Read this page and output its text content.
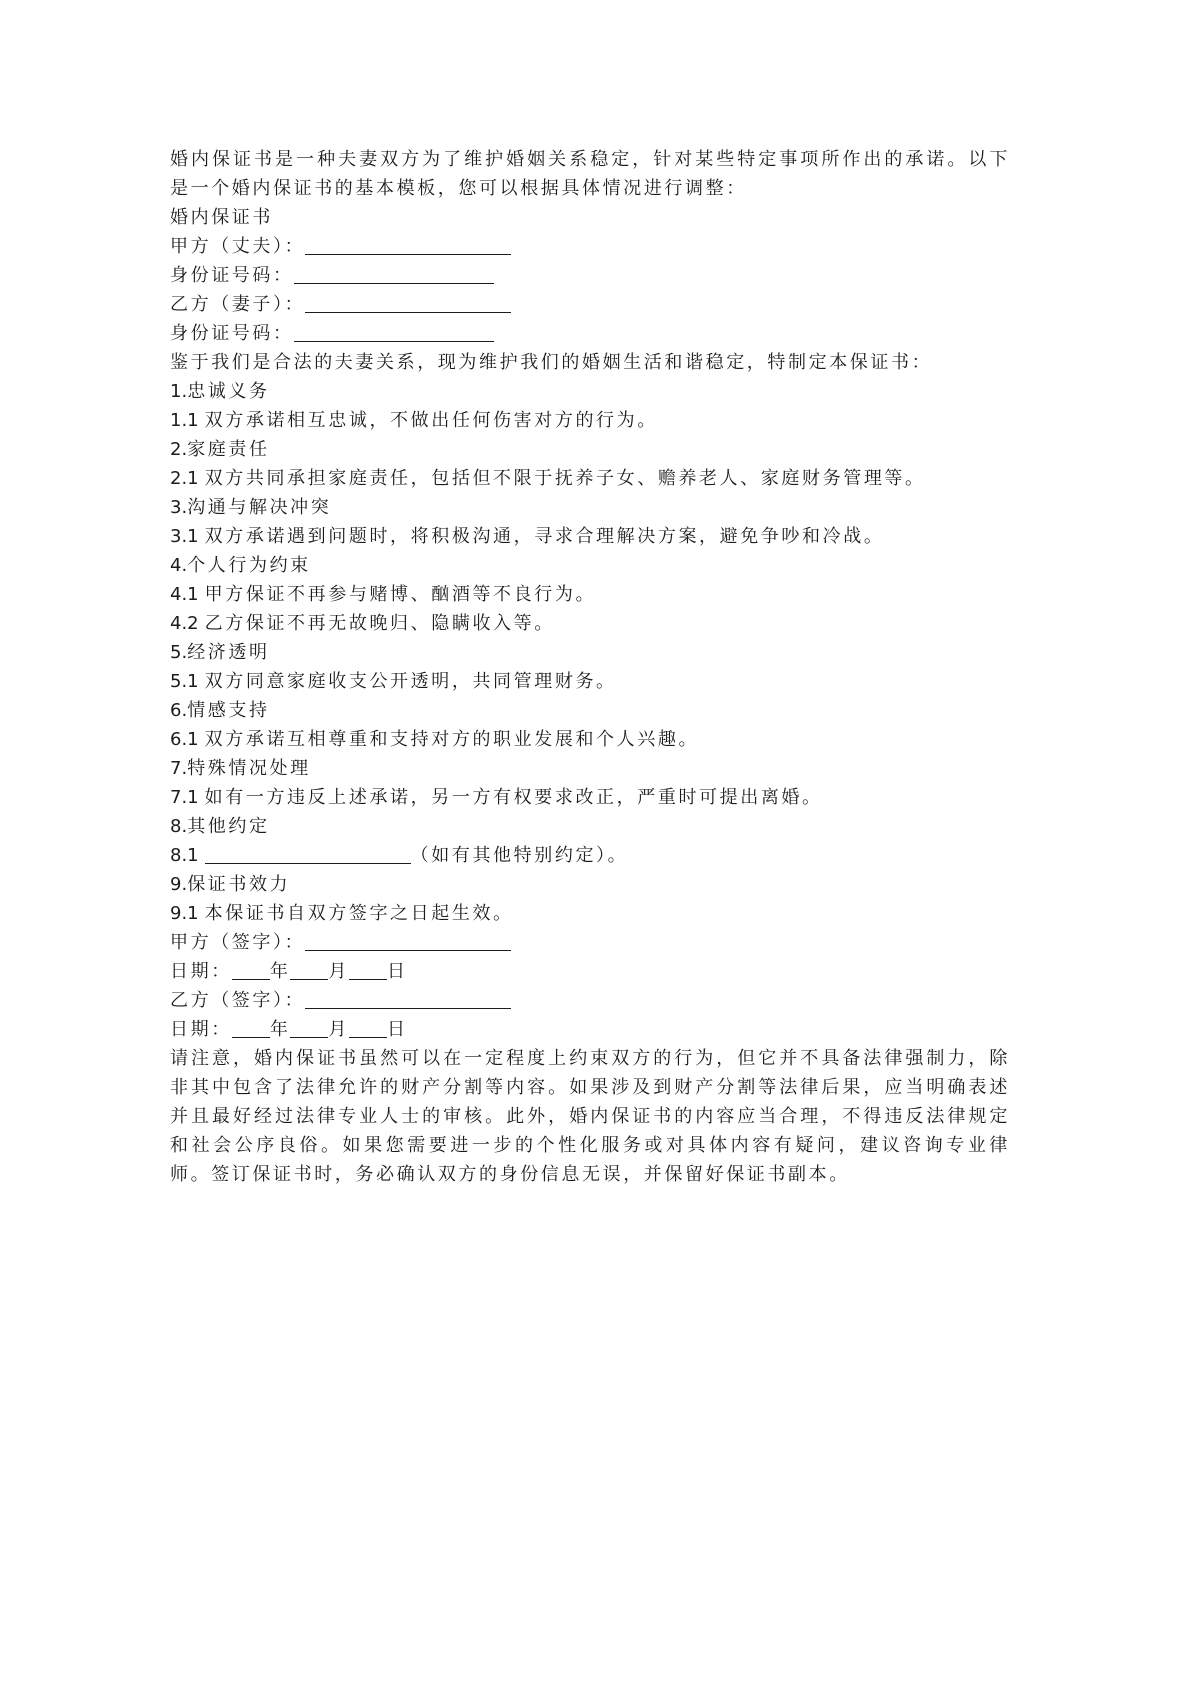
婚内保证书是一种夫妻双方为了维护婚姻关系稳定，针对某些特定事项所作出的承诺。以下是一个婚内保证书的基本模板，您可以根据具体情况进行调整：

婚内保证书
甲方（丈夫）：
身份证号码：
乙方（妻子）：
身份证号码：
鉴于我们是合法的夫妻关系，现为维护我们的婚姻生活和谐稳定，特制定本保证书：
1.忠诚义务
1.1 双方承诺相互忠诚，不做出任何伤害对方的行为。
2.家庭责任
2.1 双方共同承担家庭责任，包括但不限于抚养子女、赡养老人、家庭财务管理等。
3.沟通与解决冲突
3.1 双方承诺遇到问题时，将积极沟通，寻求合理解决方案，避免争吵和冷战。
4.个人行为约束
4.1 甲方保证不再参与赌博、酗酒等不良行为。
4.2 乙方保证不再无故晚归、隐瞒收入等。
5.经济透明
5.1 双方同意家庭收支公开透明，共同管理财务。
6.情感支持
6.1 双方承诺互相尊重和支持对方的职业发展和个人兴趣。
7.特殊情况处理
7.1 如有一方违反上述承诺，另一方有权要求改正，严重时可提出离婚。
8.其他约定
8.1	（如有其他特别约定）。
9.保证书效力
9.1 本保证书自双方签字之日起生效。
甲方（签字）：
日期： 年 月 日
乙方（签字）：
日期： 年 月 日

请注意，婚内保证书虽然可以在一定程度上约束双方的行为，但它并不具备法律强制力，除非其中包含了法律允许的财产分割等内容。如果涉及到财产分割等法律后果，应当明确表述并且最好经过法律专业人士的审核。此外，婚内保证书的内容应当合理，不得违反法律规定和社会公序良俗。如果您需要进一步的个性化服务或对具体内容有疑问，建议咨询专业律师。签订保证书时，务必确认双方的身份信息无误，并保留好保证书副本。
